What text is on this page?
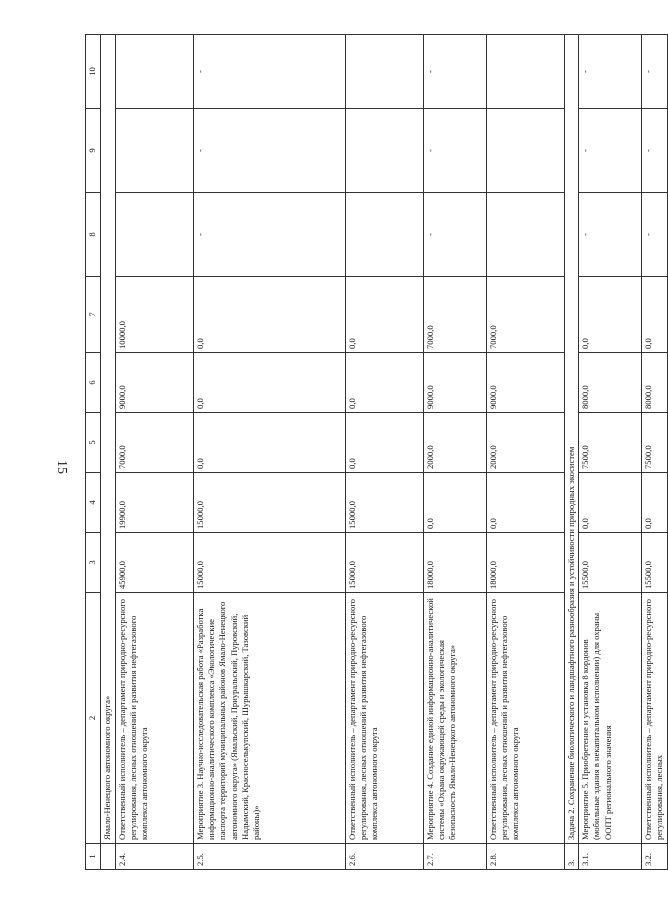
15
1	2	3	4	5	6	7	8	9	10
	Ямало-Ненецкого автономного округа»								
2.4.	Ответственный исполнитель – департамент природно-ресурсного регулирования, лесных отношений и развития нефтегазового комплекса автономного округа	45900,0	19900,0	7000,0	9000,0	10000,0			
2.5.	Мероприятие 3. Научно-исследовательская работа «Разработка информационно-аналитического комплекса «Экологические паспорта территорий муниципальных районов Ямало-Ненецкого автономного округа» (Ямальский, Приуральский, Пуровский, Надымский, Красноселькупский, Шурышкарский, Тазовский районы)»	15000,0	15000,0	0,0	0,0	0,0	-	-	-
2.6.	Ответственный исполнитель – департамент природно-ресурсного регулирования, лесных отношений и развития нефтегазового комплекса автономного округа	15000,0	15000,0	0,0	0,0	0,0			
2.7.	Мероприятие 4. Создание единой информационно-аналитической системы «Охрана окружающей среды и экологическая безопасность Ямало-Ненецкого автономного округа»	18000,0	0,0	2000,0	9000,0	7000,0	-	-	-
2.8.	Ответственный исполнитель – департамент природно-ресурсного регулирования, лесных отношений и развития нефтегазового комплекса автономного округа	18000,0	0,0	2000,0	9000,0	7000,0			
3.	Задача 2. Сохранение биологического и ландшафтного разнообразия и устойчивости природных экосистем								
3.1.	Мероприятие 5. Приобретение и установка 8 кордонов (мобильные здания в некапитальном исполнении) для охраны ООПТ регионального значения	15500,0	0,0	7500,0	8000,0	0,0	-	-	-
3.2.	Ответственный исполнитель – департамент природно-ресурсного регулирования, лесных	15500,0	0,0	7500,0	8000,0	0,0	-	-	-
